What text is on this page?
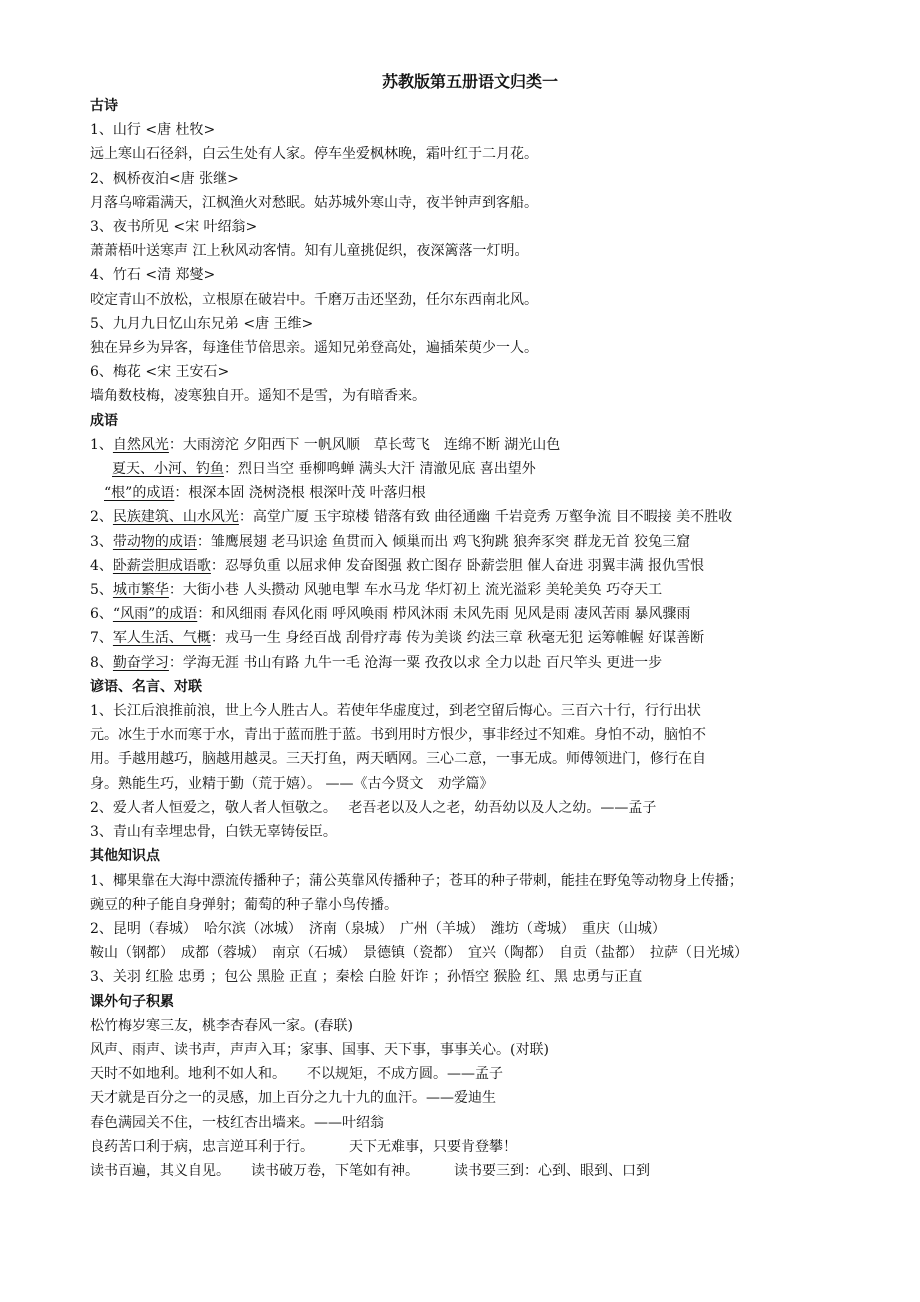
苏教版第五册语文归类一
古诗
1、山行 <唐 杜牧>
远上寒山石径斜，白云生处有人家。停车坐爱枫林晚，霜叶红于二月花。
2、枫桥夜泊<唐 张继>
月落乌啼霜满天，江枫渔火对愁眠。姑苏城外寒山寺，夜半钟声到客船。
3、夜书所见 <宋 叶绍翁>
萧萧梧叶送寒声 江上秋风动客情。知有儿童挑促织，夜深篱落一灯明。
4、竹石 <清 郑燮>
咬定青山不放松，立根原在破岩中。千磨万击还坚劲，任尔东西南北风。
5、九月九日忆山东兄弟 <唐 王维>
独在异乡为异客，每逢佳节倍思亲。遥知兄弟登高处，遍插茱萸少一人。
6、梅花 <宋 王安石>
墙角数枝梅，凌寒独自开。遥知不是雪，为有暗香来。
成语
1、自然风光：大雨滂沱 夕阳西下 一帆风顺　草长莺飞　连绵不断 湖光山色
夏天、小河、钓鱼：烈日当空 垂柳鸣蝉 满头大汗 清澈见底 喜出望外
“根”的成语：根深本固 浇树浇根 根深叶茂 叶落归根
2、民族建筑、山水风光：高堂广厦 玉宇琼楼 错落有致 曲径通幽 千岩竞秀 万壑争流 目不暇接 美不胜收
3、带动物的成语：雏鹰展翅 老马识途 鱼贯而入 倾巢而出 鸡飞狗跳 狼奔豕突 群龙无首 狡兔三窟
4、卧薪尝胆成语歌：忍辱负重 以屈求伸 发奋图强 救亡图存 卧薪尝胆 催人奋进 羽翼丰满 报仇雪恨
5、城市繁华：大街小巷 人头攒动 风驰电掣 车水马龙 华灯初上 流光溢彩 美轮美奂 巧夺天工
6、“风雨”的成语：和风细雨 春风化雨 呼风唤雨 栉风沐雨 未风先雨 见风是雨 凄风苦雨 暴风骤雨
7、军人生活、气概：戎马一生 身经百战 刮骨疗毒 传为美谈 约法三章 秋毫无犯 运筹帷幄 好谋善断
8、勤奋学习：学海无涯 书山有路 九牛一毛 沧海一粟 孜孜以求 全力以赴 百尺竿头 更进一步
谚语、名言、对联
1、长江后浪推前浪，世上今人胜古人。若使年华虚度过，到老空留后悔心。三百六十行，行行出状
元。冰生于水而寒于水，青出于蓝而胜于蓝。书到用时方恨少，事非经过不知难。身怕不动，脑怕不
用。手越用越巧，脑越用越灵。三天打鱼，两天晒网。三心二意，一事无成。师傅领进门，修行在自
身。熟能生巧，业精于勤（荒于嬉）。 ——《古今贤文　劝学篇》
2、爱人者人恒爱之，敬人者人恒敬之。　 老吾老以及人之老，幼吾幼以及人之幼。——孟子
3、青山有幸埋忠骨，白铁无辜铸佞臣。
其他知识点
1、椰果靠在大海中漂流传播种子；蒲公英靠风传播种子；苍耳的种子带刺，能挂在野兔等动物身上传播；
豌豆的种子能自身弹射；葡萄的种子靠小鸟传播。
2、昆明（春城）　哈尔滨（冰城）　济南（泉城）　广州（羊城）　潍坊（鸢城）　重庆（山城）
鞍山（钢都）　成都（蓉城）　南京（石城）　景德镇（瓷都）　宜兴（陶都）　自贡（盐都）　拉萨（日光城）
3、关羽 红脸 忠勇 ；包公 黑脸 正直 ；秦桧 白脸 奸诈 ；孙悟空 猴脸 红、黑 忠勇与正直
课外句子积累
松竹梅岁寒三友，桃李杏春风一家。(春联)
风声、雨声、读书声，声声入耳；家事、国事、天下事，事事关心。(对联)
天时不如地利。地利不如人和。　　不以规矩，不成方圆。——孟子
天才就是百分之一的灵感，加上百分之九十九的血汗。——爱迪生
春色满园关不住，一枝红杏出墙来。——叶绍翁
良药苦口利于病，忠言逆耳利于行。　　　天下无难事，只要肯登攀！
读书百遍，其义自见。　　读书破万卷，下笔如有神。　　　读书要三到：心到、眼到、口到
